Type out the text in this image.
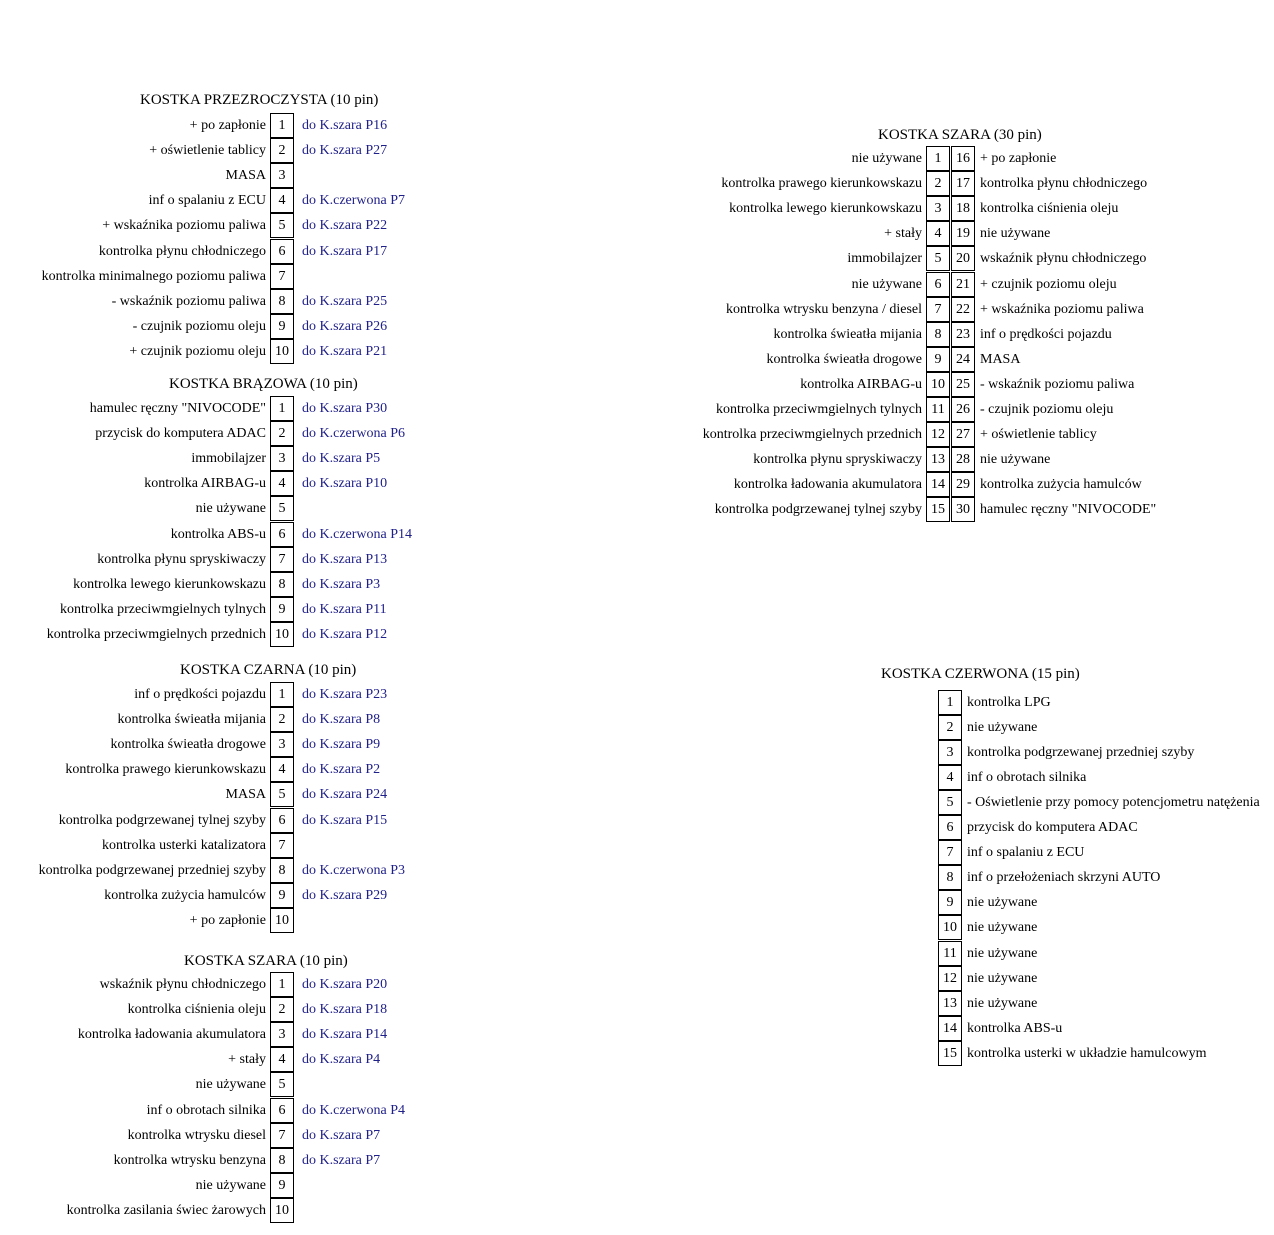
KOSTKA PRZEZROCZYSTA (10 pin)
+ po zapłonie 1	do K.szara P16
+ oświetlenie tablicy 2	do K.szara P27
MASA 3
inf o spalaniu z ECU 4	do K.czerwona P7
+ wskaźnika poziomu paliwa 5	do K.szara P22
kontrolka płynu chłodniczego 6	do K.szara P17
kontrolka minimalnego poziomu paliwa 7
- wskaźnik poziomu paliwa 8	do K.szara P25
- czujnik poziomu oleju 9	do K.szara P26
+ czujnik poziomu oleju 10 do K.szara P21
KOSTKA BRĄZOWA (10 pin)
hamulec ręczny "NIVOCODE" 1	do K.szara P30
przycisk do komputera ADAC 2	do K.czerwona P6
immobilajzer 3	do K.szara P5
kontrolka AIRBAG-u 4	do K.szara P10
nie używane 5
kontrolka ABS-u 6	do K.czerwona P14
kontrolka płynu spryskiwaczy 7	do K.szara P13
kontrolka lewego kierunkowskazu 8	do K.szara P3
kontrolka przeciwmgielnych tylnych 9	do K.szara P11
kontrolka przeciwmgielnych przednich 10 do K.szara P12
KOSTKA CZARNA (10 pin)
inf o prędkości pojazdu 1	do K.szara P23
kontrolka świeatła mijania 2	do K.szara P8
kontrolka świeatła drogowe 3	do K.szara P9
kontrolka prawego kierunkowskazu 4	do K.szara P2
MASA 5	do K.szara P24
kontrolka podgrzewanej tylnej szyby 6	do K.szara P15
kontrolka usterki katalizatora 7
kontrolka podgrzewanej przedniej szyby 8	do K.czerwona P3
kontrolka zużycia hamulców 9	do K.szara P29
+ po zapłonie 10
KOSTKA SZARA (10 pin)
wskaźnik płynu chłodniczego 1	do K.szara P20
kontrolka ciśnienia oleju 2	do K.szara P18
kontrolka ładowania akumulatora 3	do K.szara P14
+ stały 4	do K.szara P4
nie używane 5
inf o obrotach silnika 6	do K.czerwona P4
kontrolka wtrysku diesel 7	do K.szara P7
kontrolka wtrysku benzyna 8	do K.szara P7
nie używane 9
kontrolka zasilania świec żarowych 10
KOSTKA SZARA (30 pin)
nie używane 1	16 + po zapłonie
kontrolka prawego kierunkowskazu 2	17 kontrolka płynu chłodniczego
kontrolka lewego kierunkowskazu 3	18 kontrolka ciśnienia oleju
+ stały 4	19 nie używane
immobilajzer 5	20 wskaźnik płynu chłodniczego
nie używane 6	21 + czujnik poziomu oleju
kontrolka wtrysku benzyna / diesel 7	22 + wskaźnika poziomu paliwa
kontrolka świeatła mijania 8	23 inf o prędkości pojazdu
kontrolka świeatła drogowe 9	24 MASA
kontrolka AIRBAG-u 10 25 - wskaźnik poziomu paliwa
kontrolka przeciwmgielnych tylnych 11 26 - czujnik poziomu oleju
kontrolka przeciwmgielnych przednich 12 27 + oświetlenie tablicy
kontrolka płynu spryskiwaczy 13 28 nie używane
kontrolka ładowania akumulatora 14 29 kontrolka zużycia hamulców
kontrolka podgrzewanej tylnej szyby 15 30 hamulec ręczny "NIVOCODE"
KOSTKA CZERWONA (15 pin)
1 kontrolka LPG
2 nie używane
3 kontrolka podgrzewanej przedniej szyby
4 inf o obrotach silnika
5 - Oświetlenie przy pomocy potencjometru natężenia
6 przycisk do komputera ADAC
7 inf o spalaniu z ECU
8 inf o przełożeniach skrzyni AUTO
9 nie używane
10 nie używane
11 nie używane
12 nie używane
13 nie używane
14 kontrolka ABS-u
15 kontrolka usterki w układzie hamulcowym
